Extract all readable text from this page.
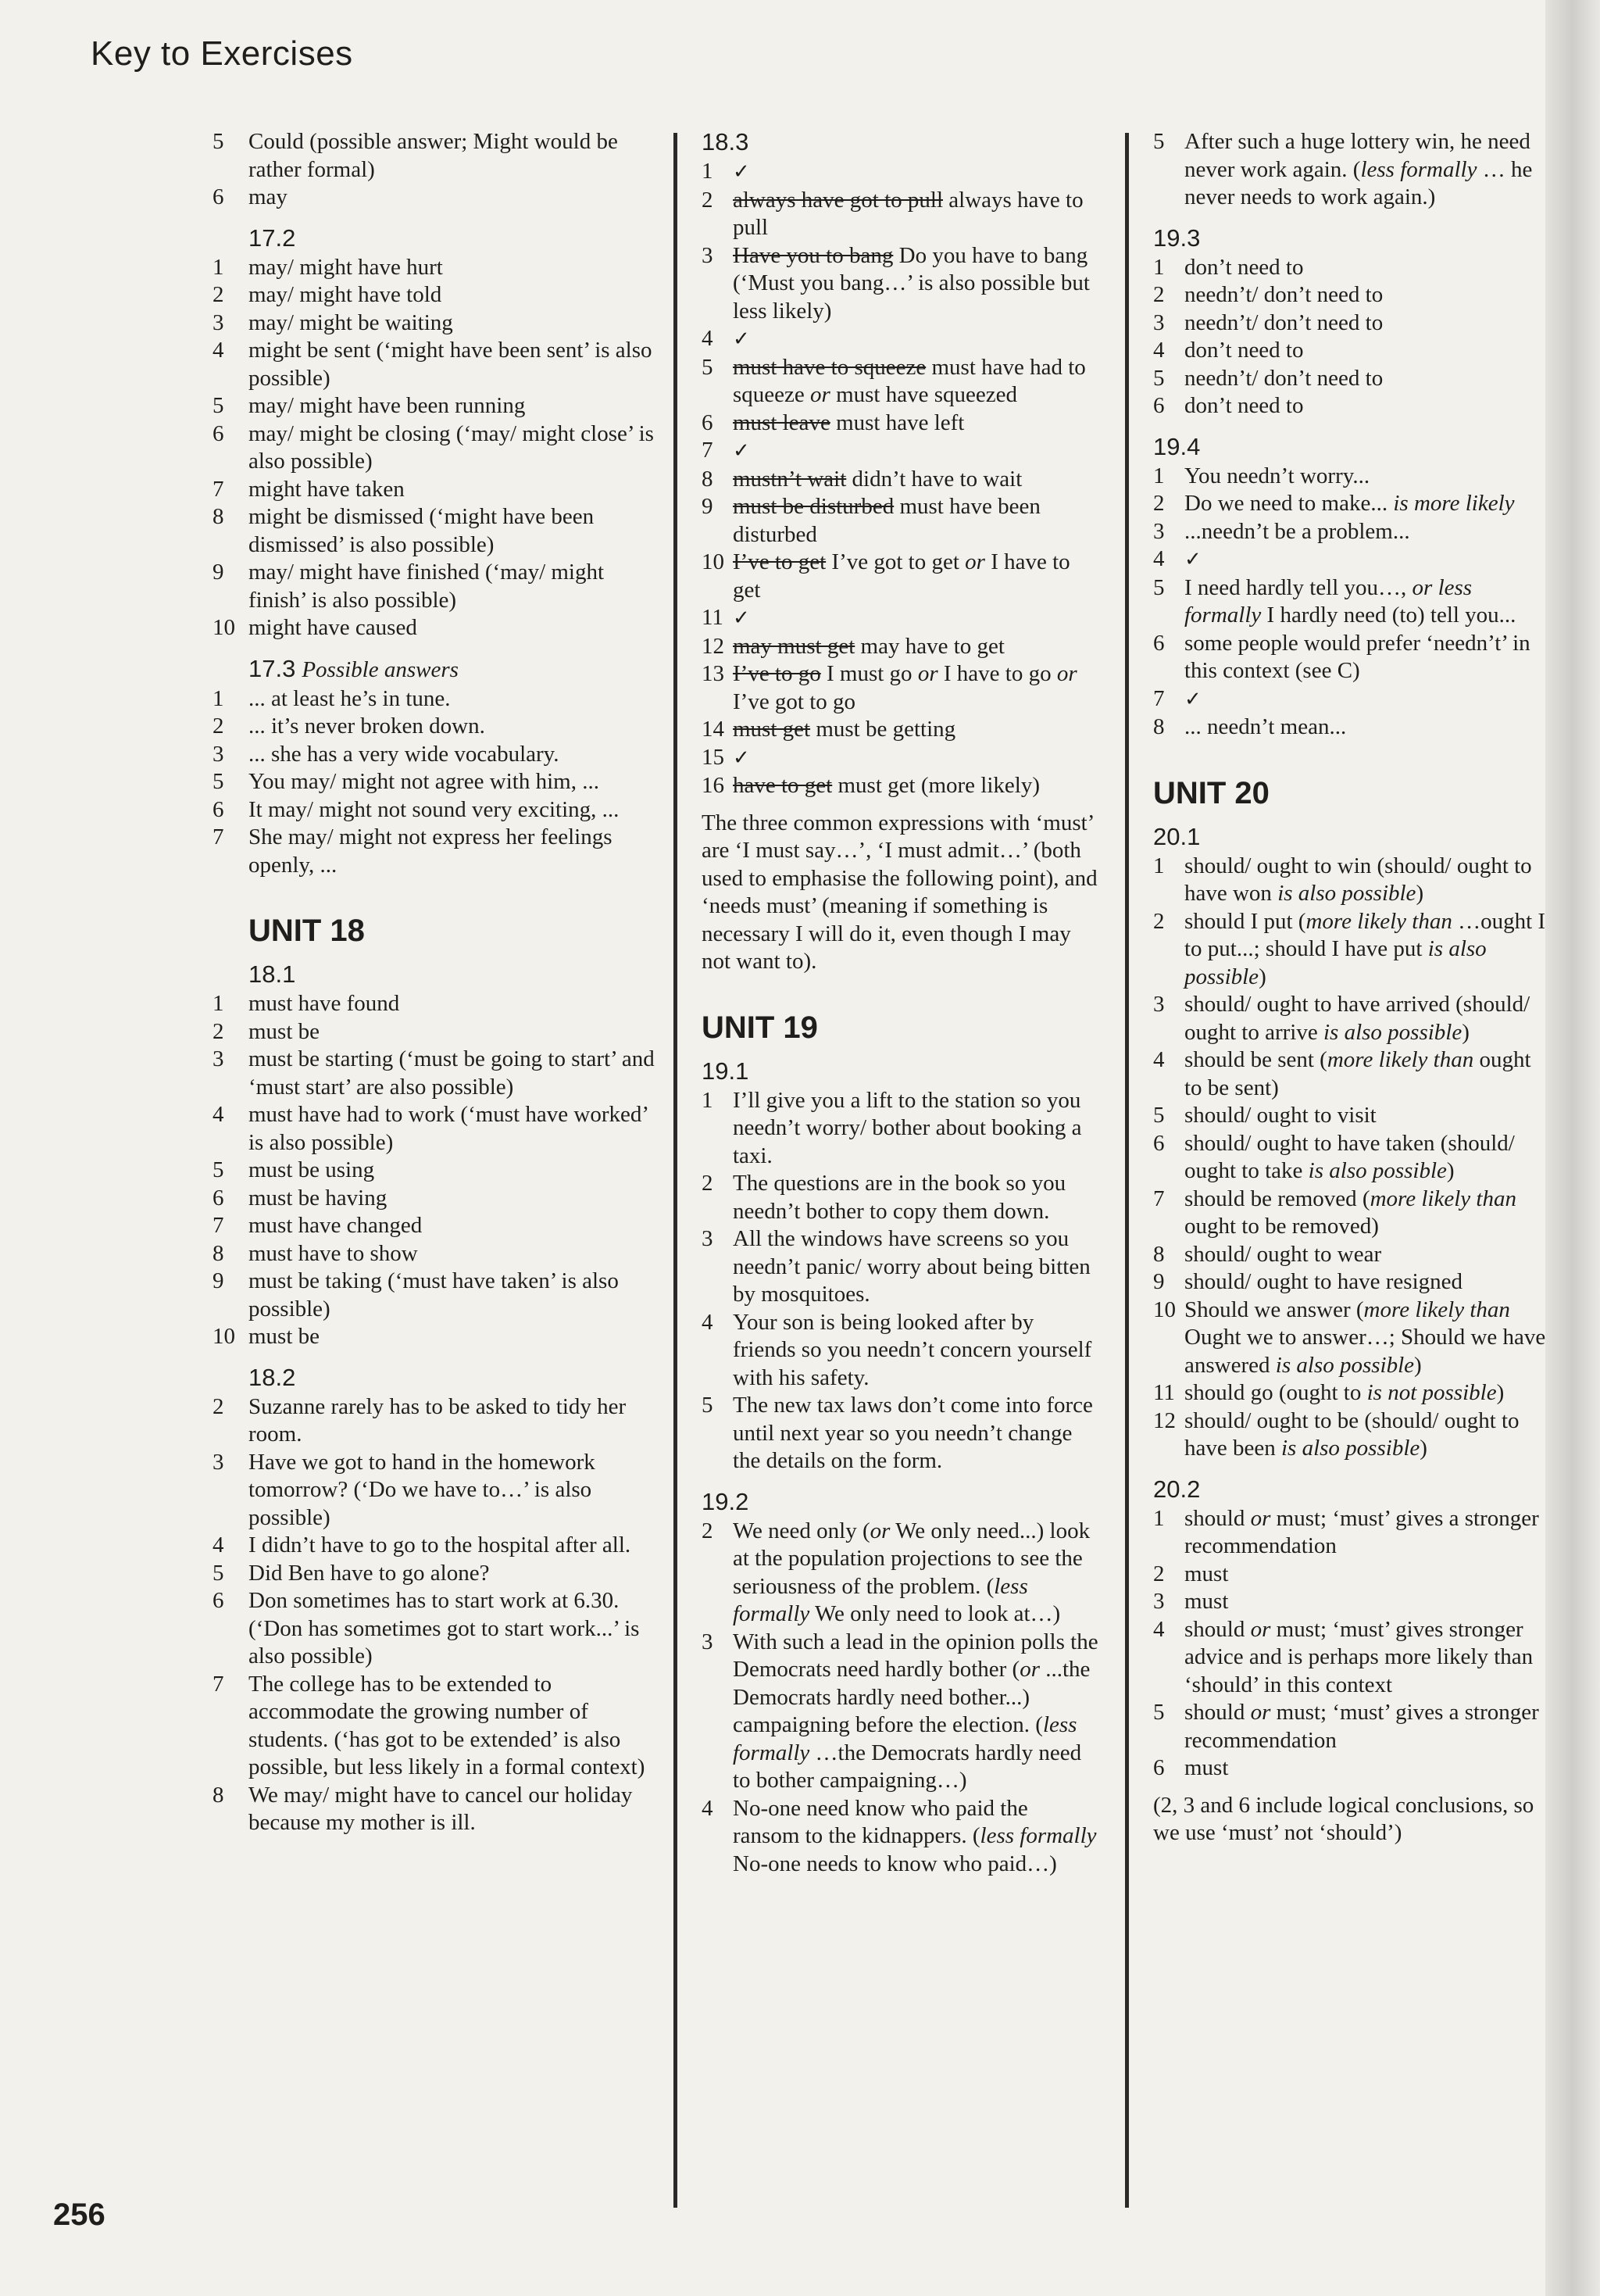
Key to Exercises
5	Could (possible answer; Might would be rather formal)
6	may
17.2
1	may/ might have hurt
2	may/ might have told
3	may/ might be waiting
4	might be sent (‘might have been sent’ is also possible)
5	may/ might have been running
6	may/ might be closing (‘may/ might close’ is also possible)
7	might have taken
8	might be dismissed (‘might have been dismissed’ is also possible)
9	may/ might have finished (‘may/ might finish’ is also possible)
10 might have caused
17.3 Possible answers
1	... at least he’s in tune.
2	... it’s never broken down.
3	... she has a very wide vocabulary.
5	You may/ might not agree with him, ...
6	It may/ might not sound very exciting, ...
7	She may/ might not express her feelings openly, ...
UNIT 18
18.1
1	must have found
2	must be
3	must be starting (‘must be going to start’ and ‘must start’ are also possible)
4	must have had to work (‘must have worked’ is also possible)
5	must be using
6	must be having
7	must have changed
8	must have to show
9	must be taking (‘must have taken’ is also possible)
10 must be
18.2
2	Suzanne rarely has to be asked to tidy her room.
3	Have we got to hand in the homework tomorrow? (‘Do we have to…’ is also possible)
4	I didn’t have to go to the hospital after all.
5	Did Ben have to go alone?
6	Don sometimes has to start work at 6.30. (‘Don has sometimes got to start work...’ is also possible)
7	The college has to be extended to accommodate the growing number of students. (‘has got to be extended’ is also possible, but less likely in a formal context)
8	We may/ might have to cancel our holiday because my mother is ill.
18.3
1 ✓
2 always have got to pull always have to pull
3 Have you to bang Do you have to bang (‘Must you bang…’ is also possible but less likely)
4 ✓
5 must have to squeeze must have had to squeeze or must have squeezed
6 must leave must have left
7 ✓
8 mustn’t wait didn’t have to wait
9 must be disturbed must have been disturbed
10 I’ve to get I’ve got to get or I have to get
11 ✓
12 may must get may have to get
13 I’ve to go I must go or I have to go or I’ve got to go
14 must get must be getting
15 ✓
16 have to get must get (more likely)

The three common expressions with ‘must’ are ‘I must say…’, ‘I must admit…’ (both used to emphasise the following point), and ‘needs must’ (meaning if something is necessary I will do it, even though I may not want to).

UNIT 19
19.1
1 I’ll give you a lift to the station so you needn’t worry/ bother about booking a taxi.
2 The questions are in the book so you needn’t bother to copy them down.
3 All the windows have screens so you needn’t panic/ worry about being bitten by mosquitoes.
4 Your son is being looked after by friends so you needn’t concern yourself with his safety.
5 The new tax laws don’t come into force until next year so you needn’t change the details on the form.
19.2
2 We need only (or We only need...) look at the population projections to see the seriousness of the problem. (less formally We only need to look at…)
3 With such a lead in the opinion polls the Democrats need hardly bother (or ...the Democrats hardly need bother...) campaigning before the election. (less formally …the Democrats hardly need to bother campaigning…)
4 No-one need know who paid the ransom to the kidnappers. (less formally No-one needs to know who paid…)
5 After such a huge lottery win, he need never work again. (less formally … he never needs to work again.)
19.3
1 don’t need to
2 needn’t/ don’t need to
3 needn’t/ don’t need to
4 don’t need to
5 needn’t/ don’t need to
6 don’t need to
19.4
1 You needn’t worry...
2 Do we need to make... is more likely
3 ...needn’t be a problem...
4 ✓
5 I need hardly tell you…, or less formally I hardly need (to) tell you...
6 some people would prefer ‘needn’t’ in this context (see C)
7 ✓
8 ... needn’t mean...
UNIT 20
20.1
1 should/ ought to win (should/ ought to have won is also possible)
2 should I put (more likely than …ought I to put...; should I have put is also possible)
3 should/ ought to have arrived (should/ ought to arrive is also possible)
4 should be sent (more likely than ought to be sent)
5 should/ ought to visit
6 should/ ought to have taken (should/ ought to take is also possible)
7 should be removed (more likely than ought to be removed)
8 should/ ought to wear
9 should/ ought to have resigned
10 Should we answer (more likely than Ought we to answer…; Should we have answered is also possible)
11 should go (ought to is not possible)
12 should/ ought to be (should/ ought to have been is also possible)
20.2
1 should or must; ‘must’ gives a stronger recommendation
2 must
3 must
4 should or must; ‘must’ gives stronger advice and is perhaps more likely than ‘should’ in this context
5 should or must; ‘must’ gives a stronger recommendation
6 must

(2, 3 and 6 include logical conclusions, so we use ‘must’ not ‘should’)

256
